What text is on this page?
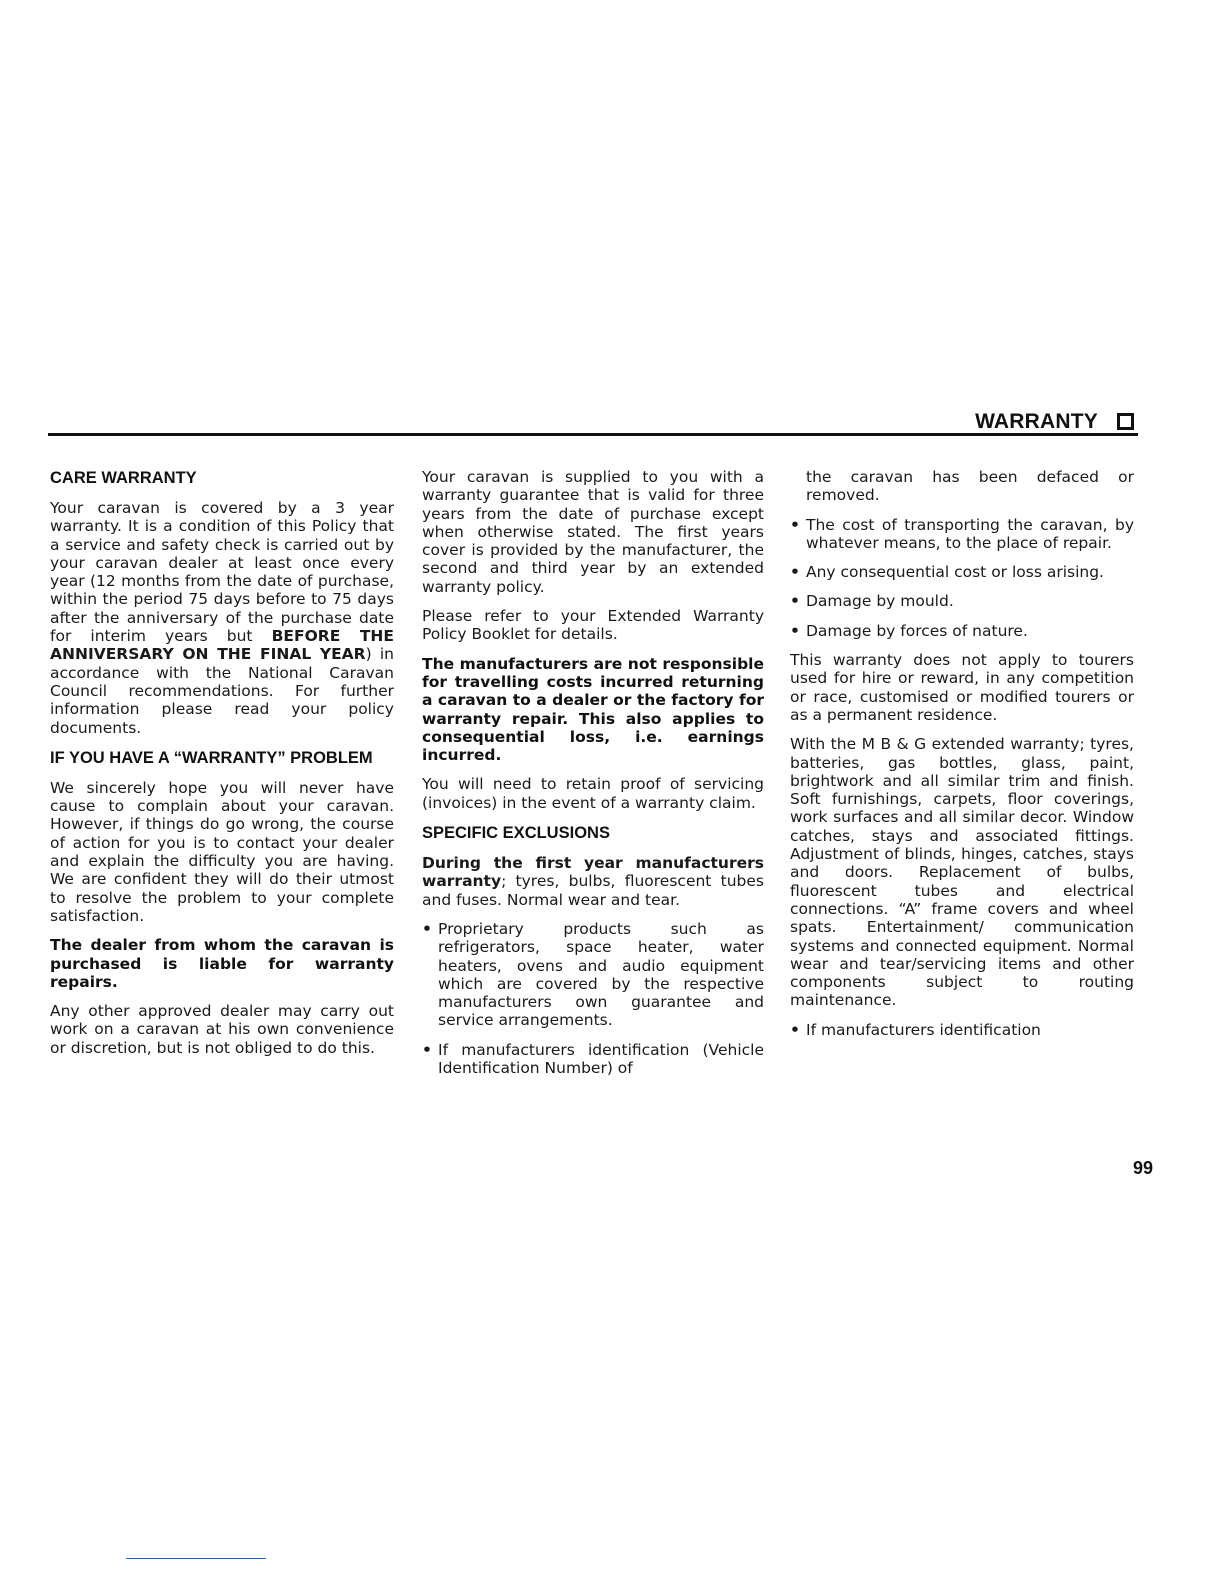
WARRANTY
CARE WARRANTY

Your caravan is covered by a 3 year warranty. It is a condition of this Policy that a service and safety check is carried out by your caravan dealer at least once every year (12 months from the date of purchase, within the period 75 days before to 75 days after the anniversary of the purchase date for interim years but BEFORE THE ANNIVERSARY ON THE FINAL YEAR) in accordance with the National Caravan Council recommendations. For further information please read your policy documents.

IF YOU HAVE A “WARRANTY” PROBLEM

We sincerely hope you will never have cause to complain about your caravan. However, if things do go wrong, the course of action for you is to contact your dealer and explain the difficulty you are having. We are confident they will do their utmost to resolve the problem to your complete satisfaction.

The dealer from whom the caravan is purchased is liable for warranty repairs.

Any other approved dealer may carry out work on a caravan at his own convenience or discretion, but is not obliged to do this.

Your caravan is supplied to you with a warranty guarantee that is valid for three years from the date of purchase except when otherwise stated. The first years cover is provided by the manufacturer, the second and third year by an extended warranty policy.

Please refer to your Extended Warranty Policy Booklet for details.

The manufacturers are not responsible for travelling costs incurred returning a caravan to a dealer or the factory for warranty repair. This also applies to consequential loss, i.e. earnings incurred.

You will need to retain proof of servicing (invoices) in the event of a warranty claim.

SPECIFIC EXCLUSIONS

During the first year manufacturers warranty; tyres, bulbs, fluorescent tubes and fuses. Normal wear and tear.

• Proprietary products such as refrigerators, space heater, water heaters, ovens and audio equipment which are covered by the respective manufacturers own guarantee and service arrangements.

• If manufacturers identification (Vehicle Identification Number) of

the caravan has been defaced or removed.

• The cost of transporting the caravan, by whatever means, to the place of repair.

• Any consequential cost or loss arising.

• Damage by mould.

• Damage by forces of nature.

This warranty does not apply to tourers used for hire or reward, in any competition or race, customised or modified tourers or as a permanent residence.

With the M B & G extended warranty; tyres, batteries, gas bottles, glass, paint, brightwork and all similar trim and finish. Soft furnishings, carpets, floor coverings, work surfaces and all similar decor. Window catches, stays and associated fittings. Adjustment of blinds, hinges, catches, stays and doors. Replacement of bulbs, fluorescent tubes and electrical connections. “A” frame covers and wheel spats. Entertainment/ communication systems and connected equipment. Normal wear and tear/servicing items and other components subject to routing maintenance.

• If manufacturers identification

99
